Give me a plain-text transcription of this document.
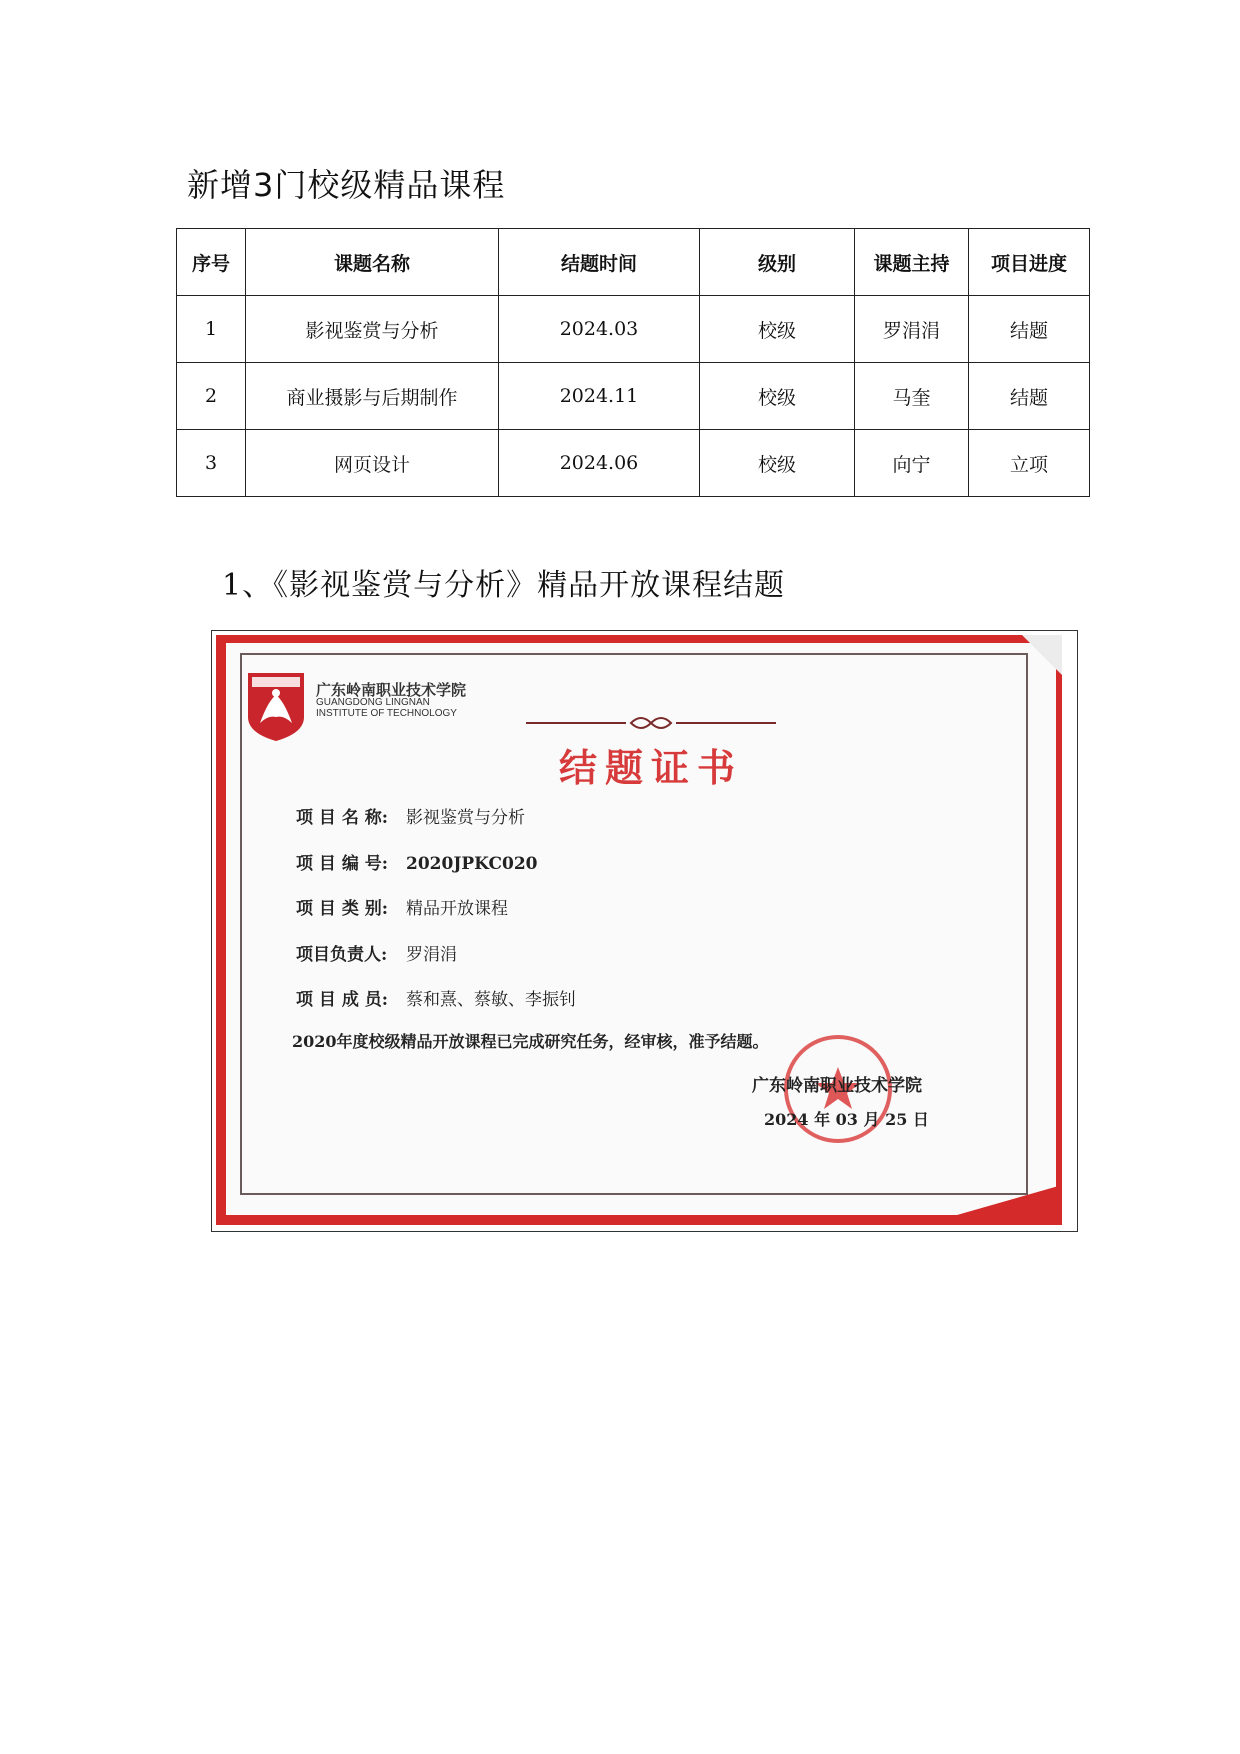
新增3门校级精品课程
序号	课题名称	结题时间	级别	课题主持	项目进度
1	影视鉴赏与分析	2024.03	校级	罗涓涓	结题
2	商业摄影与后期制作	2024.11	校级	马奎	结题
3	网页设计	2024.06	校级	向宁	立项
1、《影视鉴赏与分析》精品开放课程结题
广东岭南职业技术学院
GUANGDONG LINGNAN
INSTITUTE OF TECHNOLOGY
结题证书
项 目 名 称: 影视鉴赏与分析
项 目 编 号: 2020JPKC020
项 目 类 别: 精品开放课程
项目负责人: 罗涓涓
项 目 成 员: 蔡和熹、蔡敏、李振钊
2020年度校级精品开放课程已完成研究任务，经审核，准予结题。
广东岭南职业技术学院
2024 年 03 月 25 日
